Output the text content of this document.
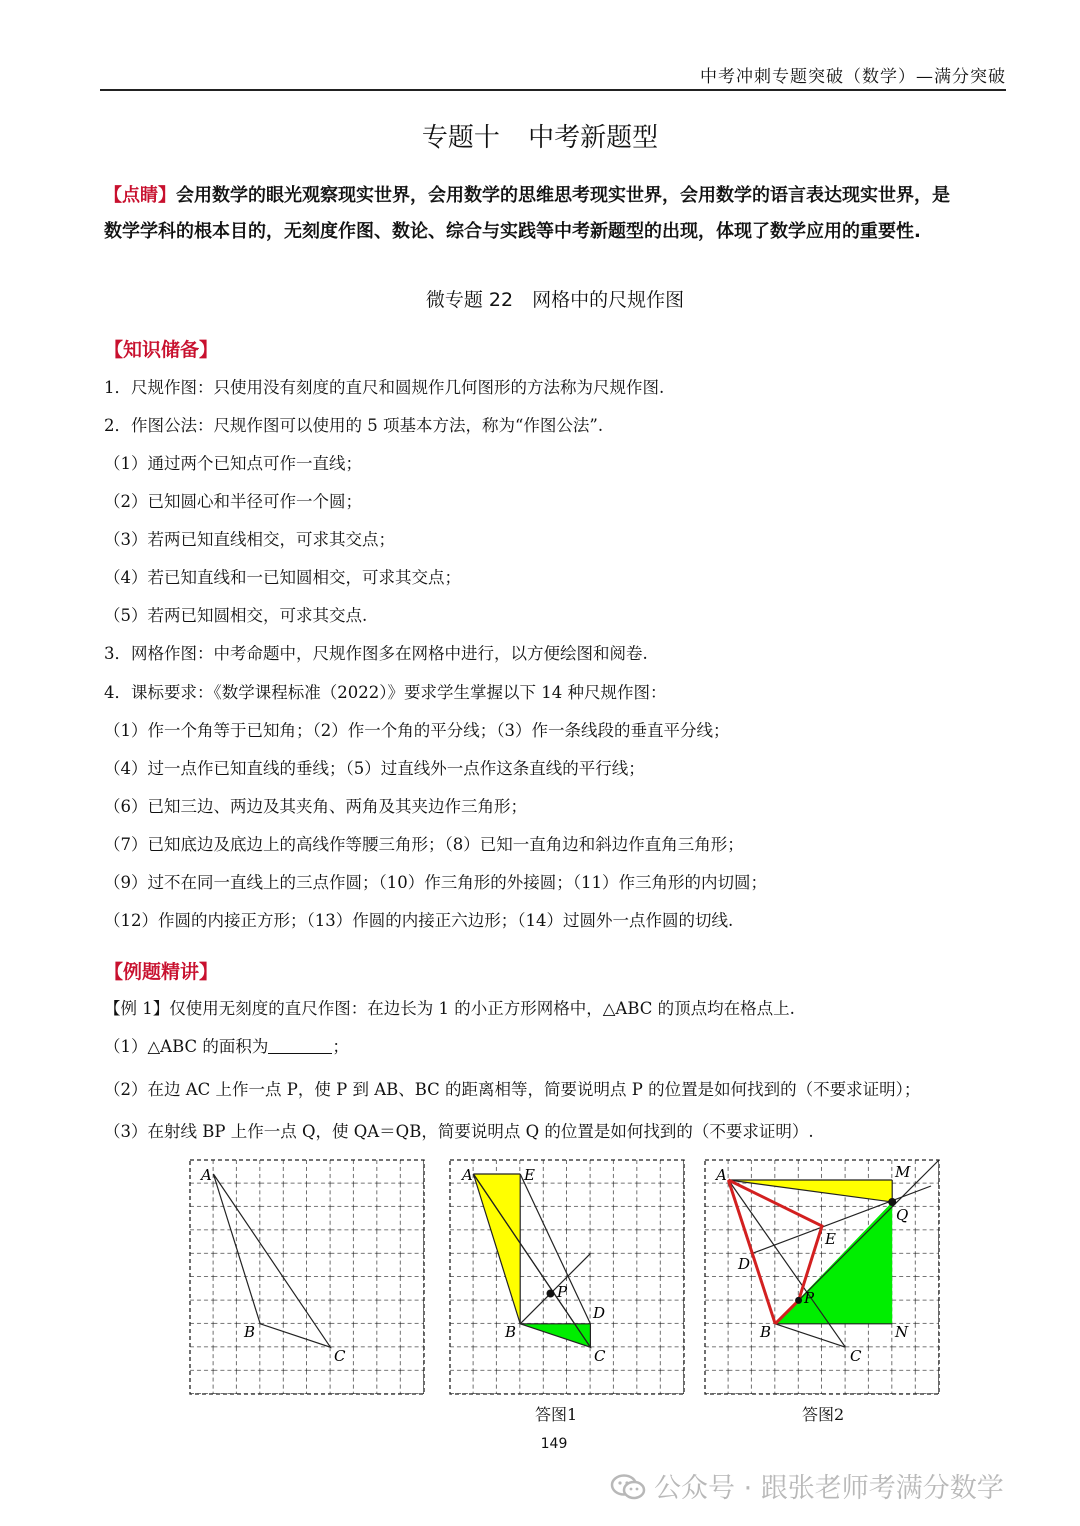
中考冲刺专题突破（数学）—满分突破
专题十 中考新题型
【点睛】会用数学的眼光观察现实世界，会用数学的思维思考现实世界，会用数学的语言表达现实世界，是
数学学科的根本目的，无刻度作图、数论、综合与实践等中考新题型的出现，体现了数学应用的重要性.
微专题 22　网格中的尺规作图
【知识储备】
1．尺规作图：只使用没有刻度的直尺和圆规作几何图形的方法称为尺规作图.
2．作图公法：尺规作图可以使用的 5 项基本方法，称为“作图公法”.
（1）通过两个已知点可作一直线；
（2）已知圆心和半径可作一个圆；
（3）若两已知直线相交，可求其交点；
（4）若已知直线和一已知圆相交，可求其交点；
（5）若两已知圆相交，可求其交点.
3．网格作图：中考命题中，尺规作图多在网格中进行，以方便绘图和阅卷.
4．课标要求：《数学课程标准（2022）》要求学生掌握以下 14 种尺规作图：
（1）作一个角等于已知角；（2）作一个角的平分线；（3）作一条线段的垂直平分线；
（4）过一点作已知直线的垂线；（5）过直线外一点作这条直线的平行线；
（6）已知三边、两边及其夹角、两角及其夹边作三角形；
（7）已知底边及底边上的高线作等腰三角形；（8）已知一直角边和斜边作直角三角形；
（9）过不在同一直线上的三点作圆；（10）作三角形的外接圆；（11）作三角形的内切圆；
（12）作圆的内接正方形；（13）作圆的内接正六边形；（14）过圆外一点作圆的切线.
【例题精讲】
【例 1】仅使用无刻度的直尺作图：在边长为 1 的小正方形网格中，△ABC 的顶点均在格点上.
（1）△ABC 的面积为	；
（2）在边 AC 上作一点 P，使 P 到 AB、BC 的距离相等，简要说明点 P 的位置是如何找到的（不要求证明）；
（3）在射线 BP 上作一点 Q，使 QA＝QB，简要说明点 Q 的位置是如何找到的（不要求证明）.
A
B
C
A	E
P
D
B
C
A	M
Q
E
D
P
B	N
C
答图1	答图2
149
公众号 · 跟张老师考满分数学
